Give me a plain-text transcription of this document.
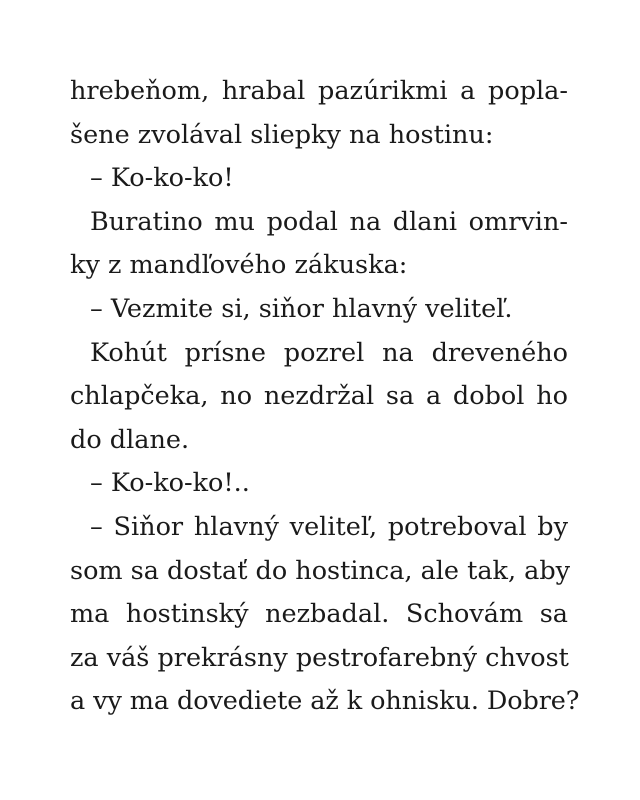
hrebeňom, hrabal pazúrikmi a popla-
šene zvolával sliepky na hostinu:
– Ko-ko-ko!
Buratino mu podal na dlani omrvin-
ky z mandľového zákuska:
– Vezmite si, siňor hlavný veliteľ.
Kohút prísne pozrel na dreveného
chlapčeka, no nezdržal sa a dobol ho
do dlane.
– Ko-ko-ko!..
– Siňor hlavný veliteľ, potreboval by
som sa dostať do hostinca, ale tak, aby
ma hostinský nezbadal. Schovám sa
za váš prekrásny pestrofarebný chvost
a vy ma dovediete až k ohnisku. Dobre?
